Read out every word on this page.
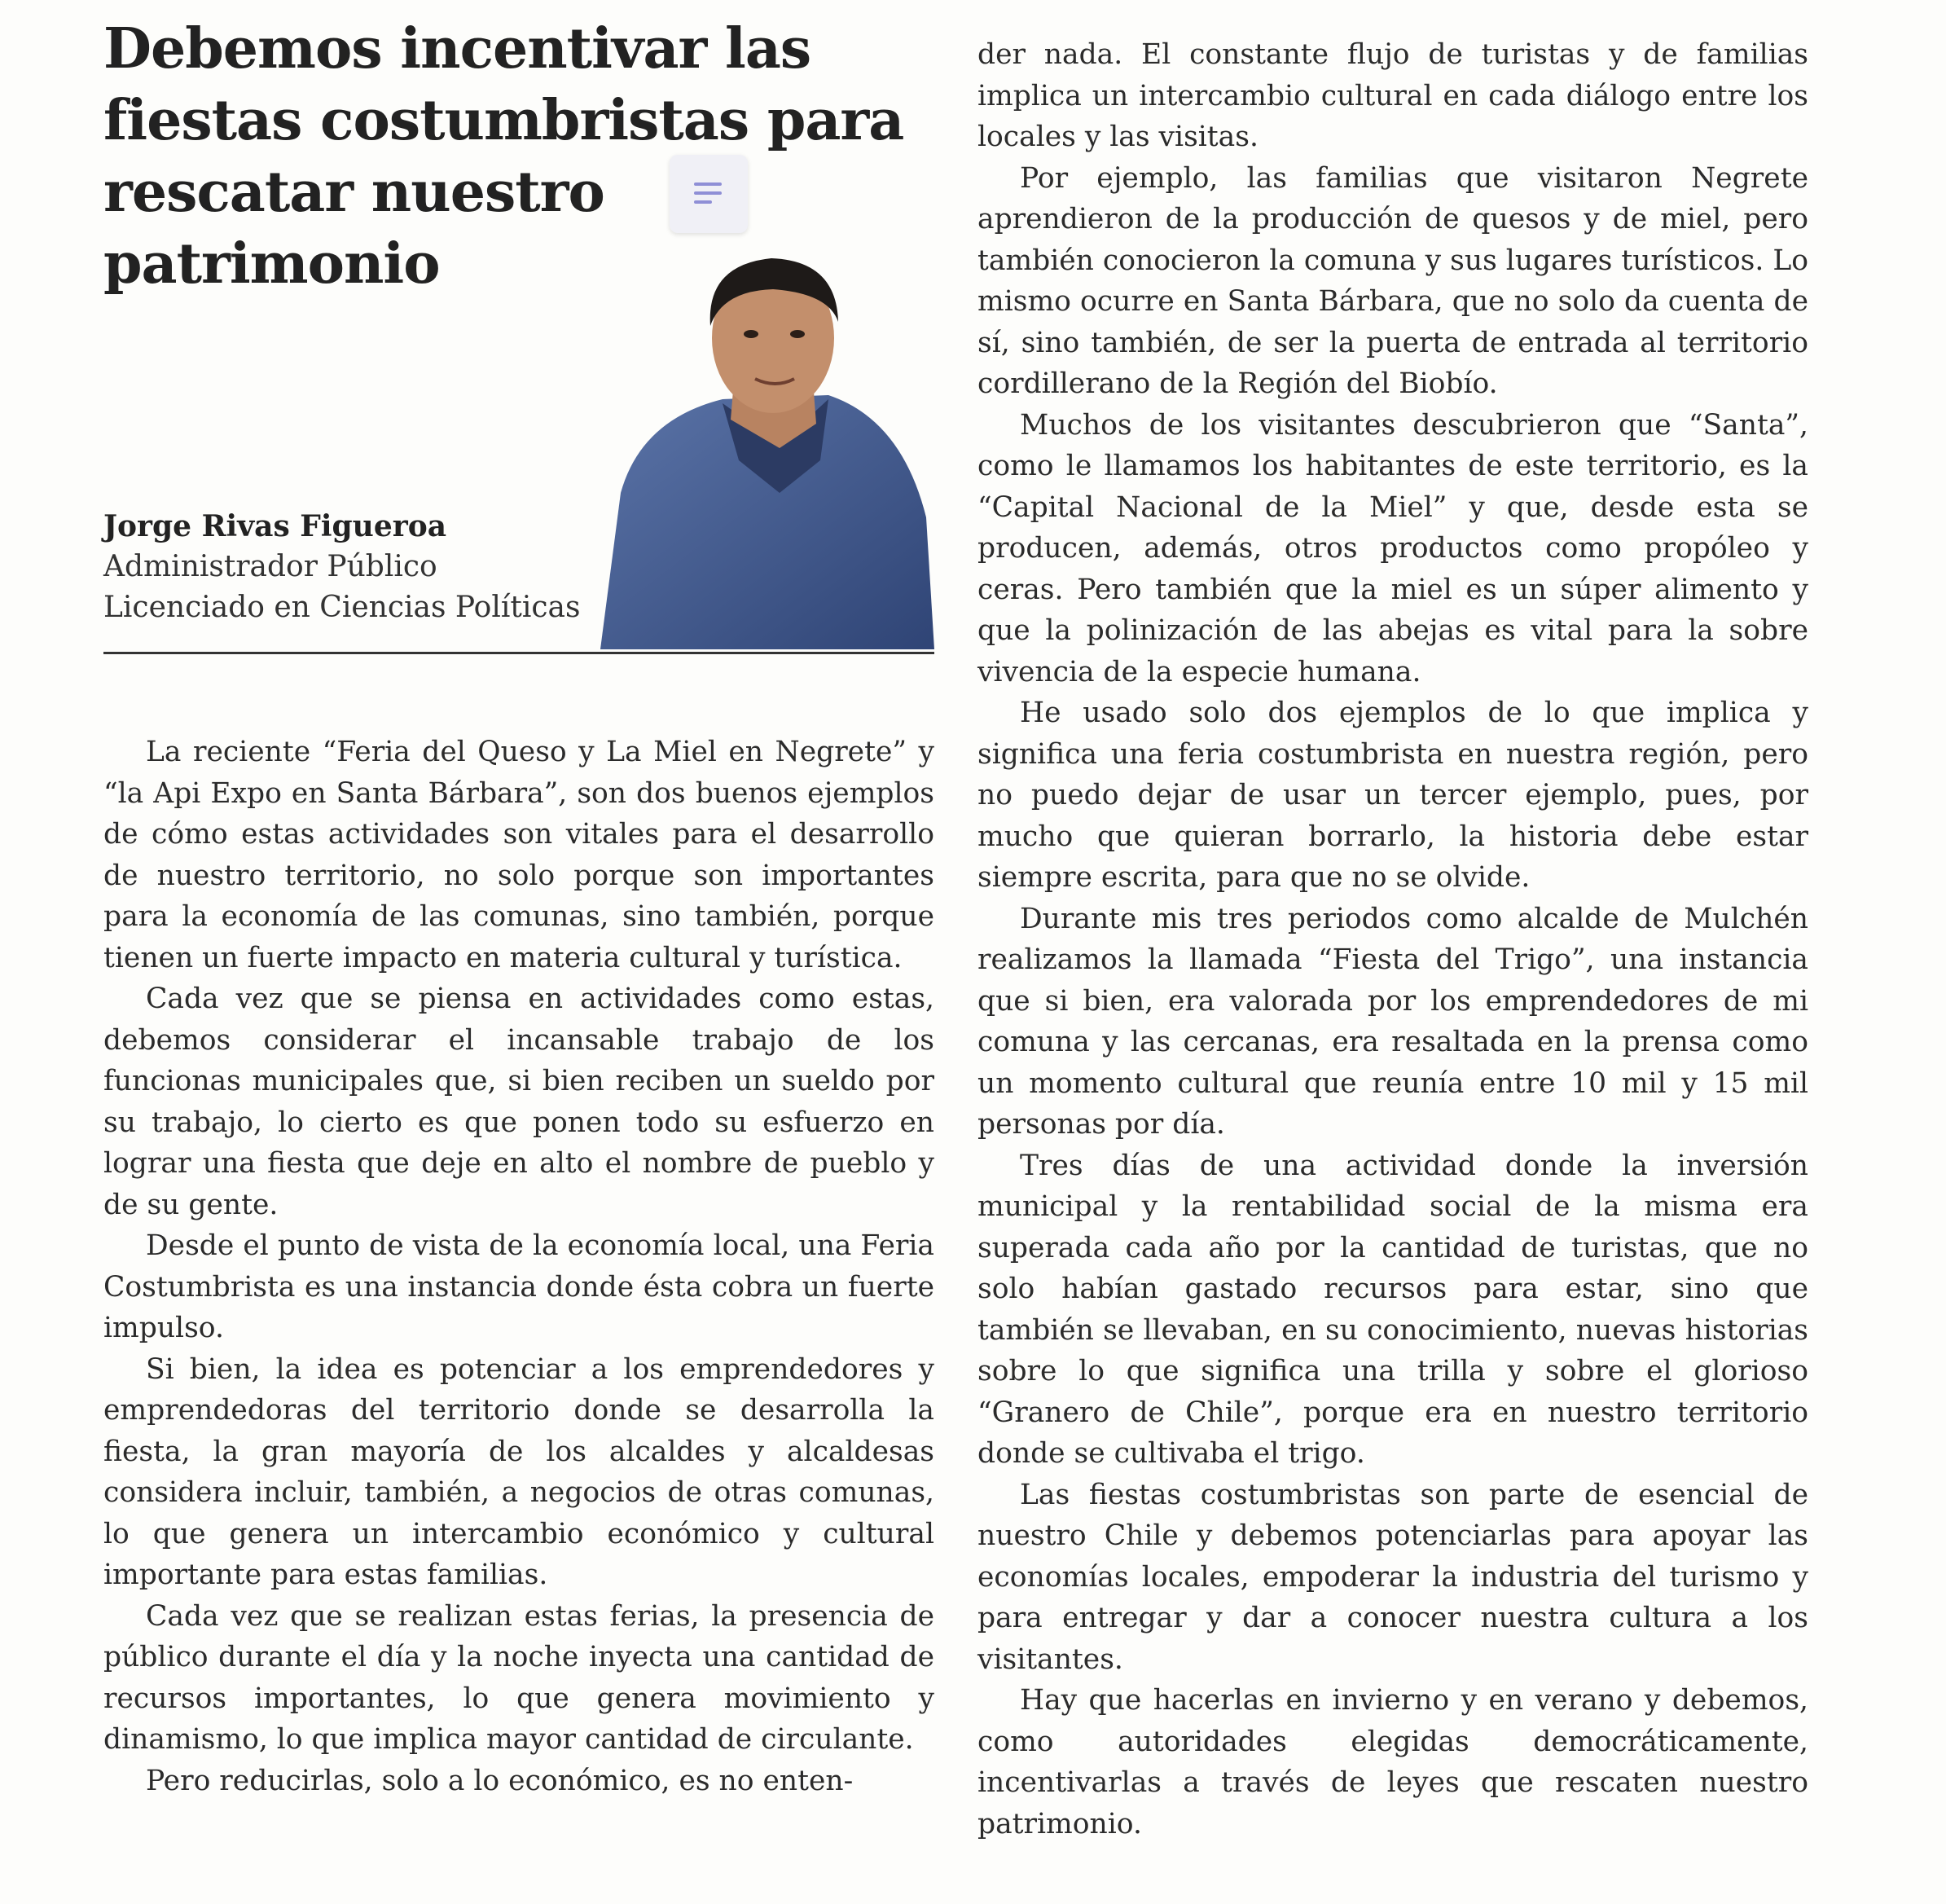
Debemos incentivar las fiestas costumbristas para rescatar nuestro patrimonio
Jorge Rivas Figueroa
Administrador Público
Licenciado en Ciencias Políticas

La reciente “Feria del Queso y La Miel en Negrete” y “la Api Expo en Santa Bárbara”, son dos buenos ejemplos de cómo estas actividades son vitales para el desarrollo de nuestro territorio, no solo porque son importantes para la economía de las comunas, sino también, porque tienen un fuerte impacto en materia cultural y turística.

Cada vez que se piensa en actividades como estas, debemos considerar el incansable trabajo de los funcionas municipales que, si bien reciben un sueldo por su trabajo, lo cierto es que ponen todo su esfuerzo en lograr una fiesta que deje en alto el nombre de pueblo y de su gente.

Desde el punto de vista de la economía local, una Feria Costumbrista es una instancia donde ésta cobra un fuerte impulso.

Si bien, la idea es potenciar a los emprendedores y emprendedoras del territorio donde se desarrolla la fiesta, la gran mayoría de los alcaldes y alcaldesas considera incluir, también, a negocios de otras comunas, lo que genera un intercambio económico y cultural importante para estas familias.

Cada vez que se realizan estas ferias, la presencia de público durante el día y la noche inyecta una cantidad de recursos importantes, lo que genera movimiento y dinamismo, lo que implica mayor cantidad de circulante.

Pero reducirlas, solo a lo económico, es no enten-

der nada. El constante flujo de turistas y de familias implica un intercambio cultural en cada diálogo entre los locales y las visitas.

Por ejemplo, las familias que visitaron Negrete aprendieron de la producción de quesos y de miel, pero también conocieron la comuna y sus lugares turísticos. Lo mismo ocurre en Santa Bárbara, que no solo da cuenta de sí, sino también, de ser la puerta de entrada al territorio cordillerano de la Región del Biobío.

Muchos de los visitantes descubrieron que “Santa”, como le llamamos los habitantes de este territorio, es la “Capital Nacional de la Miel” y que, desde esta se producen, además, otros productos como propóleo y ceras. Pero también que la miel es un súper alimento y que la polinización de las abejas es vital para la sobre vivencia de la especie humana.

He usado solo dos ejemplos de lo que implica y significa una feria costumbrista en nuestra región, pero no puedo dejar de usar un tercer ejemplo, pues, por mucho que quieran borrarlo, la historia debe estar siempre escrita, para que no se olvide.

Durante mis tres periodos como alcalde de Mulchén realizamos la llamada “Fiesta del Trigo”, una instancia que si bien, era valorada por los emprendedores de mi comuna y las cercanas, era resaltada en la prensa como un momento cultural que reunía entre 10 mil y 15 mil personas por día.

Tres días de una actividad donde la inversión municipal y la rentabilidad social de la misma era superada cada año por la cantidad de turistas, que no solo habían gastado recursos para estar, sino que también se llevaban, en su conocimiento, nuevas historias sobre lo que significa una trilla y sobre el glorioso “Granero de Chile”, porque era en nuestro territorio donde se cultivaba el trigo.

Las fiestas costumbristas son parte de esencial de nuestro Chile y debemos potenciarlas para apoyar las economías locales, empoderar la industria del turismo y para entregar y dar a conocer nuestra cultura a los visitantes.

Hay que hacerlas en invierno y en verano y debemos, como autoridades elegidas democráticamente, incentivarlas a través de leyes que rescaten nuestro patrimonio.
